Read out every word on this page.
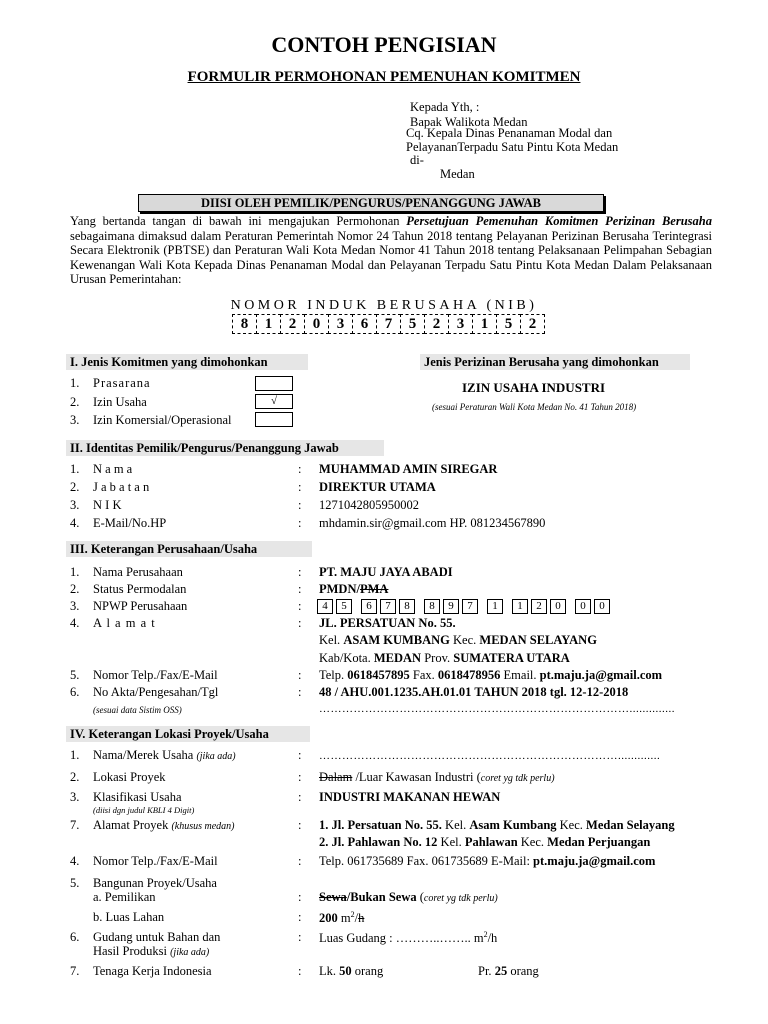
CONTOH PENGISIAN
FORMULIR PERMOHONAN PEMENUHAN KOMITMEN
Kepada Yth, :
Bapak Walikota Medan
Cq. Kepala Dinas Penanaman Modal dan
PelayananTerpadu Satu Pintu Kota Medan
di-
Medan
DIISI OLEH PEMILIK/PENGURUS/PENANGGUNG JAWAB
Yang bertanda tangan di bawah ini mengajukan Permohonan Persetujuan Pemenuhan Komitmen Perizinan Berusaha sebagaimana dimaksud dalam Peraturan Pemerintah Nomor 24 Tahun 2018 tentang Pelayanan Perizinan Berusaha Terintegrasi Secara Elektronik (PBTSE) dan Peraturan Wali Kota Medan Nomor 41 Tahun 2018 tentang Pelaksanaan Pelimpahan Sebagian Kewenangan Wali Kota Kepada Dinas Penanaman Modal dan Pelayanan Terpadu Satu Pintu Kota Medan Dalam Pelaksanaan Urusan Pemerintahan:
NOMOR INDUK BERUSAHA (NIB)
8	1	2	0	3	6	7	5	2	3	1	5	2
I. Jenis Komitmen yang dimohonkan
1. Prasarana
2. Izin Usaha	√
3. Izin Komersial/Operasional
Jenis Perizinan Berusaha yang dimohonkan
IZIN USAHA INDUSTRI
(sesuai Peraturan Wali Kota Medan No. 41 Tahun 2018)
II. Identitas Pemilik/Pengurus/Penanggung Jawab
1. N a m a	: MUHAMMAD AMIN SIREGAR
2. J a b a t a n	: DIREKTUR UTAMA
3. N I K	: 1271042805950002
4. E-Mail/No.HP	: mhdamin.sir@gmail.com HP. 081234567890
III. Keterangan Perusahaan/Usaha
1. Nama Perusahaan	: PT. MAJU JAYA ABADI
2. Status Permodalan	: PMDN/PMA
3. NPWP Perusahaan	:	4	5	6	7	8	8	9	7	1	1	2	0	0	0
4. A l a m a t	: JL. PERSATUAN No. 55.
Kel. ASAM KUMBANG Kec. MEDAN SELAYANG
Kab/Kota. MEDAN Prov. SUMATERA UTARA
5. Nomor Telp./Fax/E-Mail	: Telp. 0618457895 Fax. 0618478956 Email. pt.maju.ja@gmail.com
6. No Akta/Pengesahan/Tgl	: 48 / AHU.001.1235.AH.01.01 TAHUN 2018 tgl. 12-12-2018
(sesuai data Sistim OSS)	………………………………………………………………………..............
IV. Keterangan Lokasi Proyek/Usaha
1. Nama/Merek Usaha (jika ada)	: …………………………………………………………………….............
2. Lokasi Proyek	: Dalam /Luar Kawasan Industri (coret yg tdk perlu)
3. Klasifikasi Usaha
(diisi dgn judul KBLI 4 Digit)
: INDUSTRI MAKANAN HEWAN
7. Alamat Proyek (khusus medan)	: 1. Jl. Persatuan No. 55. Kel. Asam Kumbang Kec. Medan Selayang
2. Jl. Pahlawan No. 12 Kel. Pahlawan Kec. Medan Perjuangan
4. Nomor Telp./Fax/E-Mail	: Telp. 061735689 Fax. 061735689 E-Mail: pt.maju.ja@gmail.com
5. Bangunan Proyek/Usaha
a. Pemilikan	: Sewa/Bukan Sewa (coret yg tdk perlu)
b. Luas Lahan	: 200 $m^2/h$
6. Gudang untuk Bahan dan
Hasil Produksi (jika ada)
: Luas Gudang : ………..…….. $m^2/h$
7. Tenaga Kerja Indonesia	: Lk. 50 orang	Pr. 25 orang
